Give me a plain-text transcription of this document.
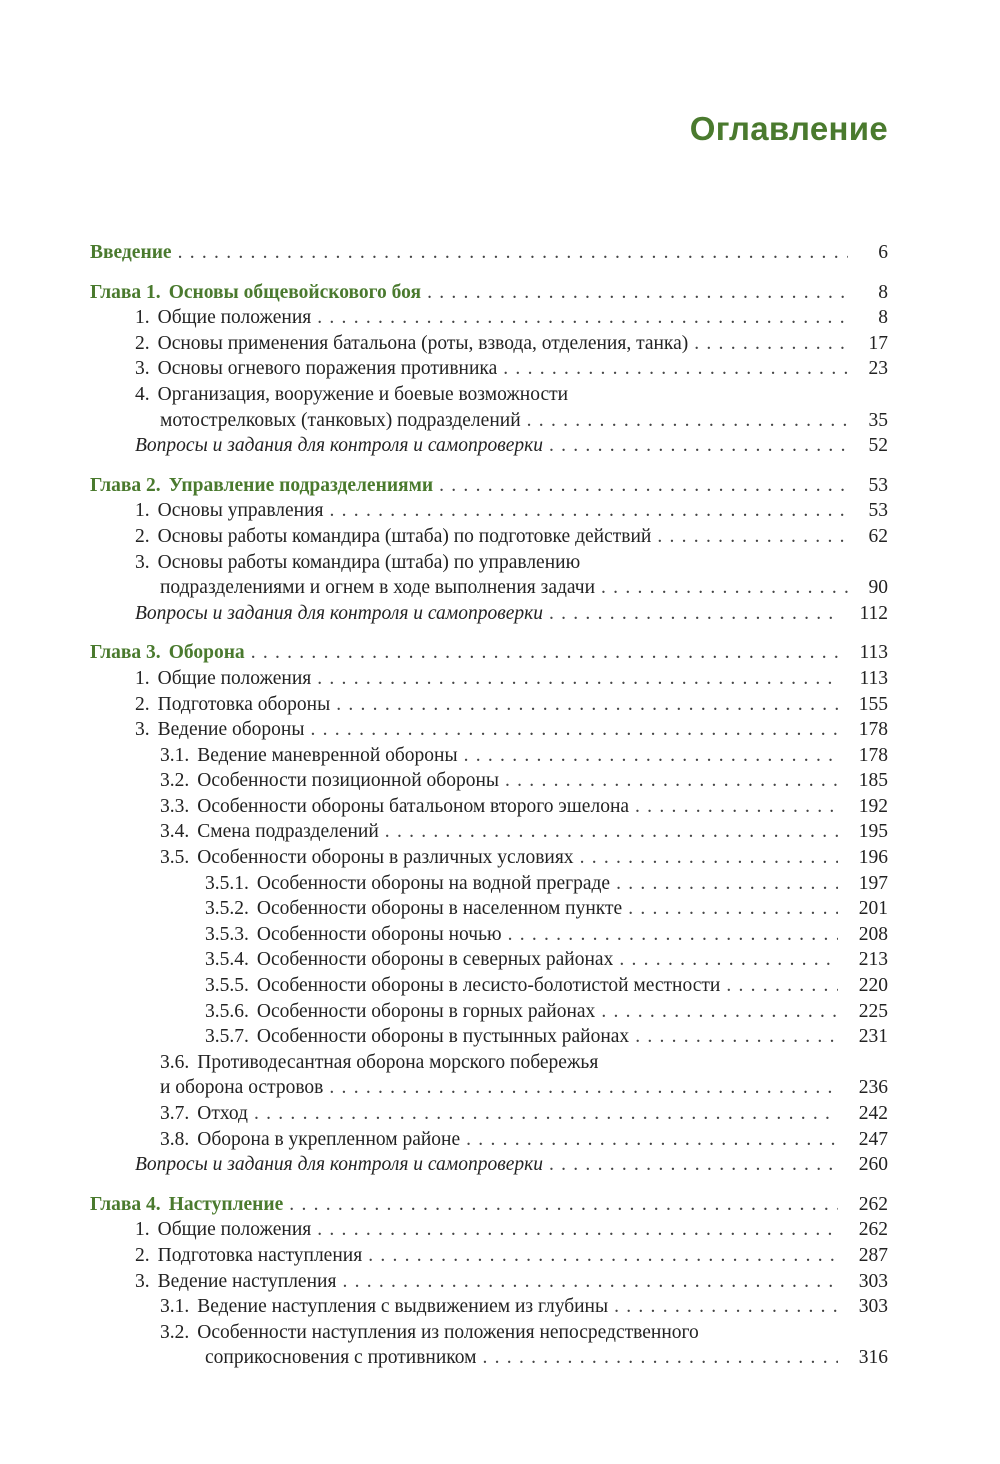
Оглавление
Введение . . .	6
Глава 1. Основы общевойскового боя . . .	8
1. Общие положения . . .	8
2. Основы применения батальона (роты, взвода, отделения, танка) . . .	17
3. Основы огневого поражения противника . . .	23
4. Организация, вооружение и боевые возможности
мотострелковых (танковых) подразделений . . .	35
Вопросы и задания для контроля и самопроверки . . .	52
Глава 2. Управление подразделениями . . .	53
1. Основы управления . . .	53
2. Основы работы командира (штаба) по подготовке действий . . .	62
3. Основы работы командира (штаба) по управлению
подразделениями и огнем в ходе выполнения задачи . . .	90
Вопросы и задания для контроля и самопроверки . . .	112
Глава 3. Оборона . . .	113
1. Общие положения . . .	113
2. Подготовка обороны . . .	155
3. Ведение обороны . . .	178
3.1. Ведение маневренной обороны . . .	178
3.2. Особенности позиционной обороны . . .	185
3.3. Особенности обороны батальоном второго эшелона . . .	192
3.4. Смена подразделений . . .	195
3.5. Особенности обороны в различных условиях . . .	196
3.5.1. Особенности обороны на водной преграде . . .	197
3.5.2. Особенности обороны в населенном пункте . . .	201
3.5.3. Особенности обороны ночью . . .	208
3.5.4. Особенности обороны в северных районах . . .	213
3.5.5. Особенности обороны в лесисто-болотистой местности . . .	220
3.5.6. Особенности обороны в горных районах . . .	225
3.5.7. Особенности обороны в пустынных районах . . .	231
3.6. Противодесантная оборона морского побережья
и оборона островов . . .	236
3.7. Отход . . .	242
3.8. Оборона в укрепленном районе . . .	247
Вопросы и задания для контроля и самопроверки . . .	260
Глава 4. Наступление . . .	262
1. Общие положения . . .	262
2. Подготовка наступления . . .	287
3. Ведение наступления . . .	303
3.1. Ведение наступления с выдвижением из глубины . . .	303
3.2. Особенности наступления из положения непосредственного
соприкосновения с противником . . .	316
